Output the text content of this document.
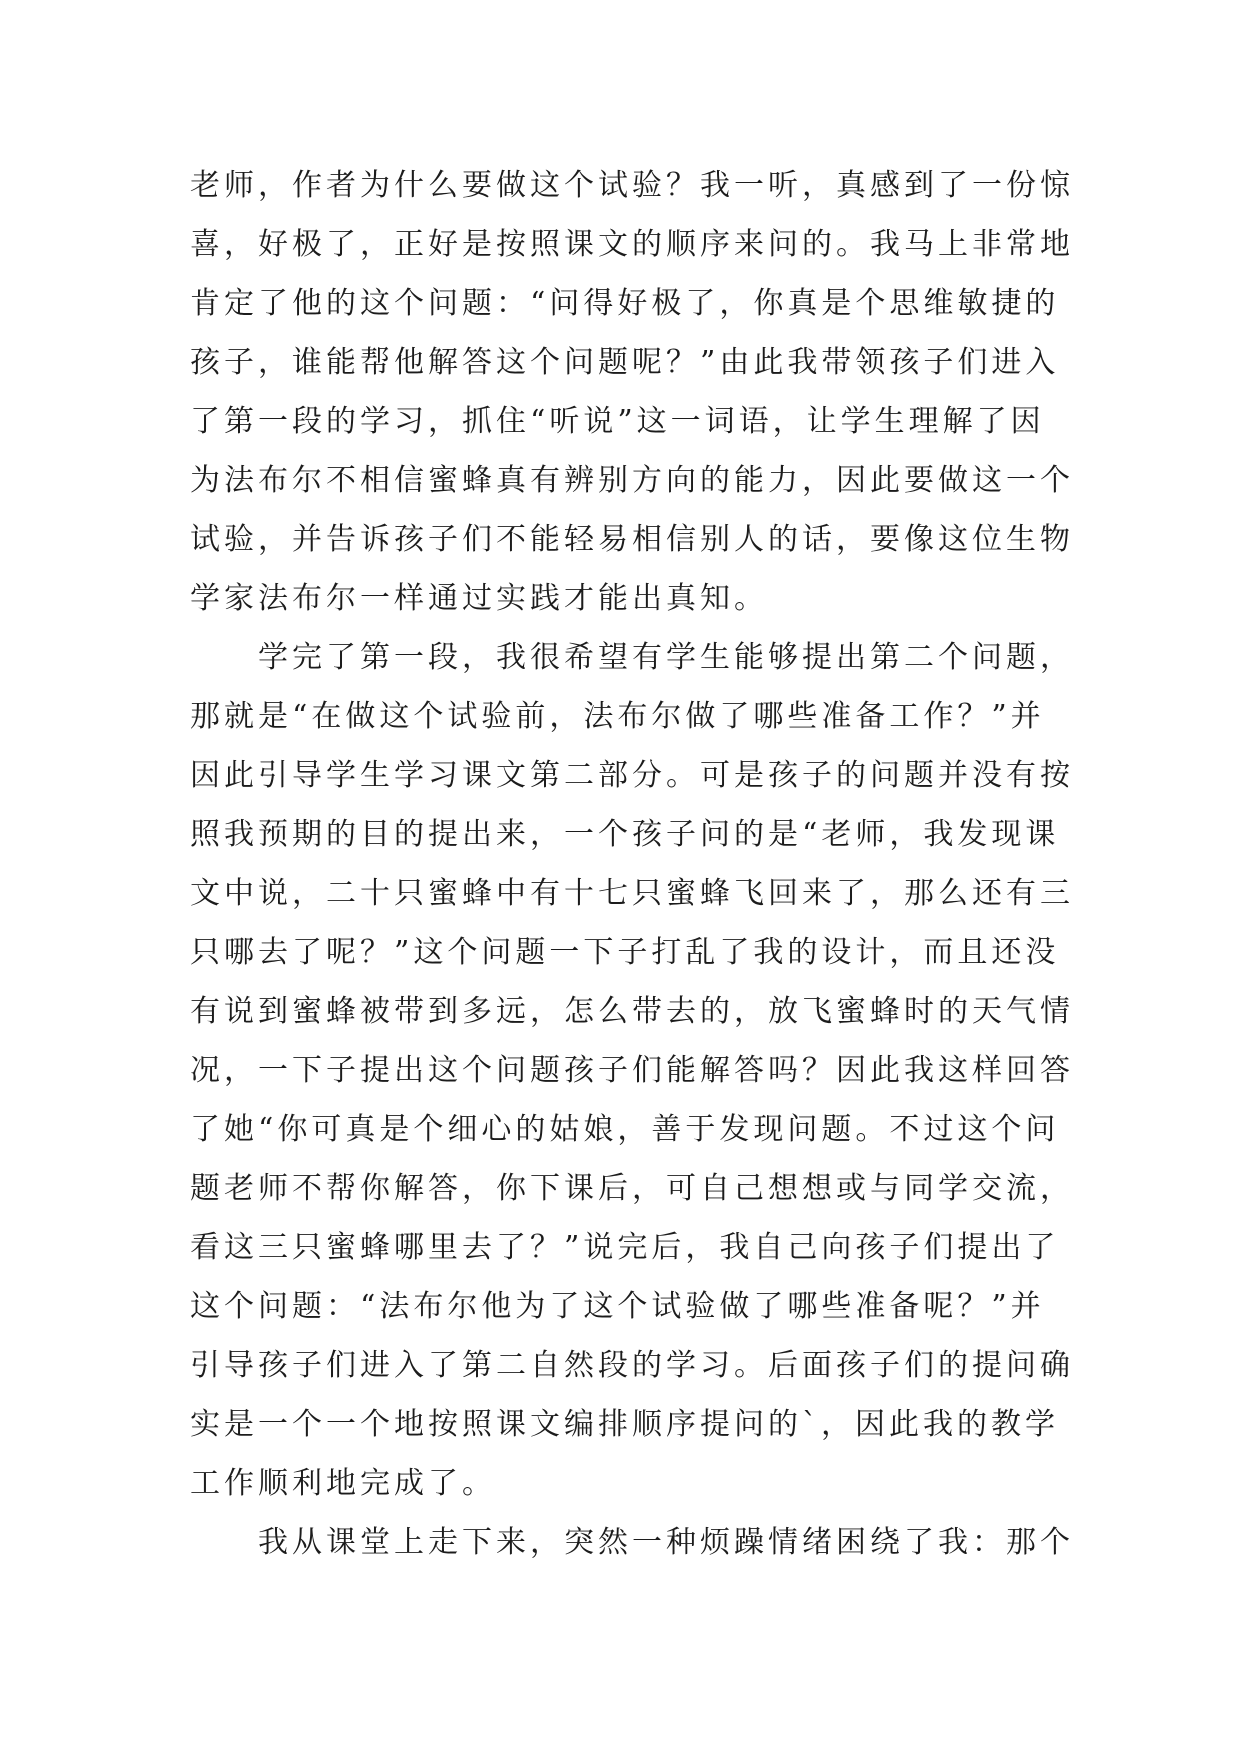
老师，作者为什么要做这个试验？我一听，真感到了一份惊
喜，好极了，正好是按照课文的顺序来问的。我马上非常地
肯定了他的这个问题：“问得好极了，你真是个思维敏捷的
孩子，谁能帮他解答这个问题呢？”由此我带领孩子们进入
了第一段的学习，抓住“听说”这一词语，让学生理解了因
为法布尔不相信蜜蜂真有辨别方向的能力，因此要做这一个
试验，并告诉孩子们不能轻易相信别人的话，要像这位生物
学家法布尔一样通过实践才能出真知。
学完了第一段，我很希望有学生能够提出第二个问题，
那就是“在做这个试验前，法布尔做了哪些准备工作？”并
因此引导学生学习课文第二部分。可是孩子的问题并没有按
照我预期的目的提出来，一个孩子问的是“老师，我发现课
文中说，二十只蜜蜂中有十七只蜜蜂飞回来了，那么还有三
只哪去了呢？”这个问题一下子打乱了我的设计，而且还没
有说到蜜蜂被带到多远，怎么带去的，放飞蜜蜂时的天气情
况，一下子提出这个问题孩子们能解答吗？因此我这样回答
了她“你可真是个细心的姑娘，善于发现问题。不过这个问
题老师不帮你解答，你下课后，可自己想想或与同学交流，
看这三只蜜蜂哪里去了？”说完后，我自己向孩子们提出了
这个问题：“法布尔他为了这个试验做了哪些准备呢？”并
引导孩子们进入了第二自然段的学习。后面孩子们的提问确
实是一个一个地按照课文编排顺序提问的`，因此我的教学
工作顺利地完成了。
我从课堂上走下来，突然一种烦躁情绪困绕了我：那个
